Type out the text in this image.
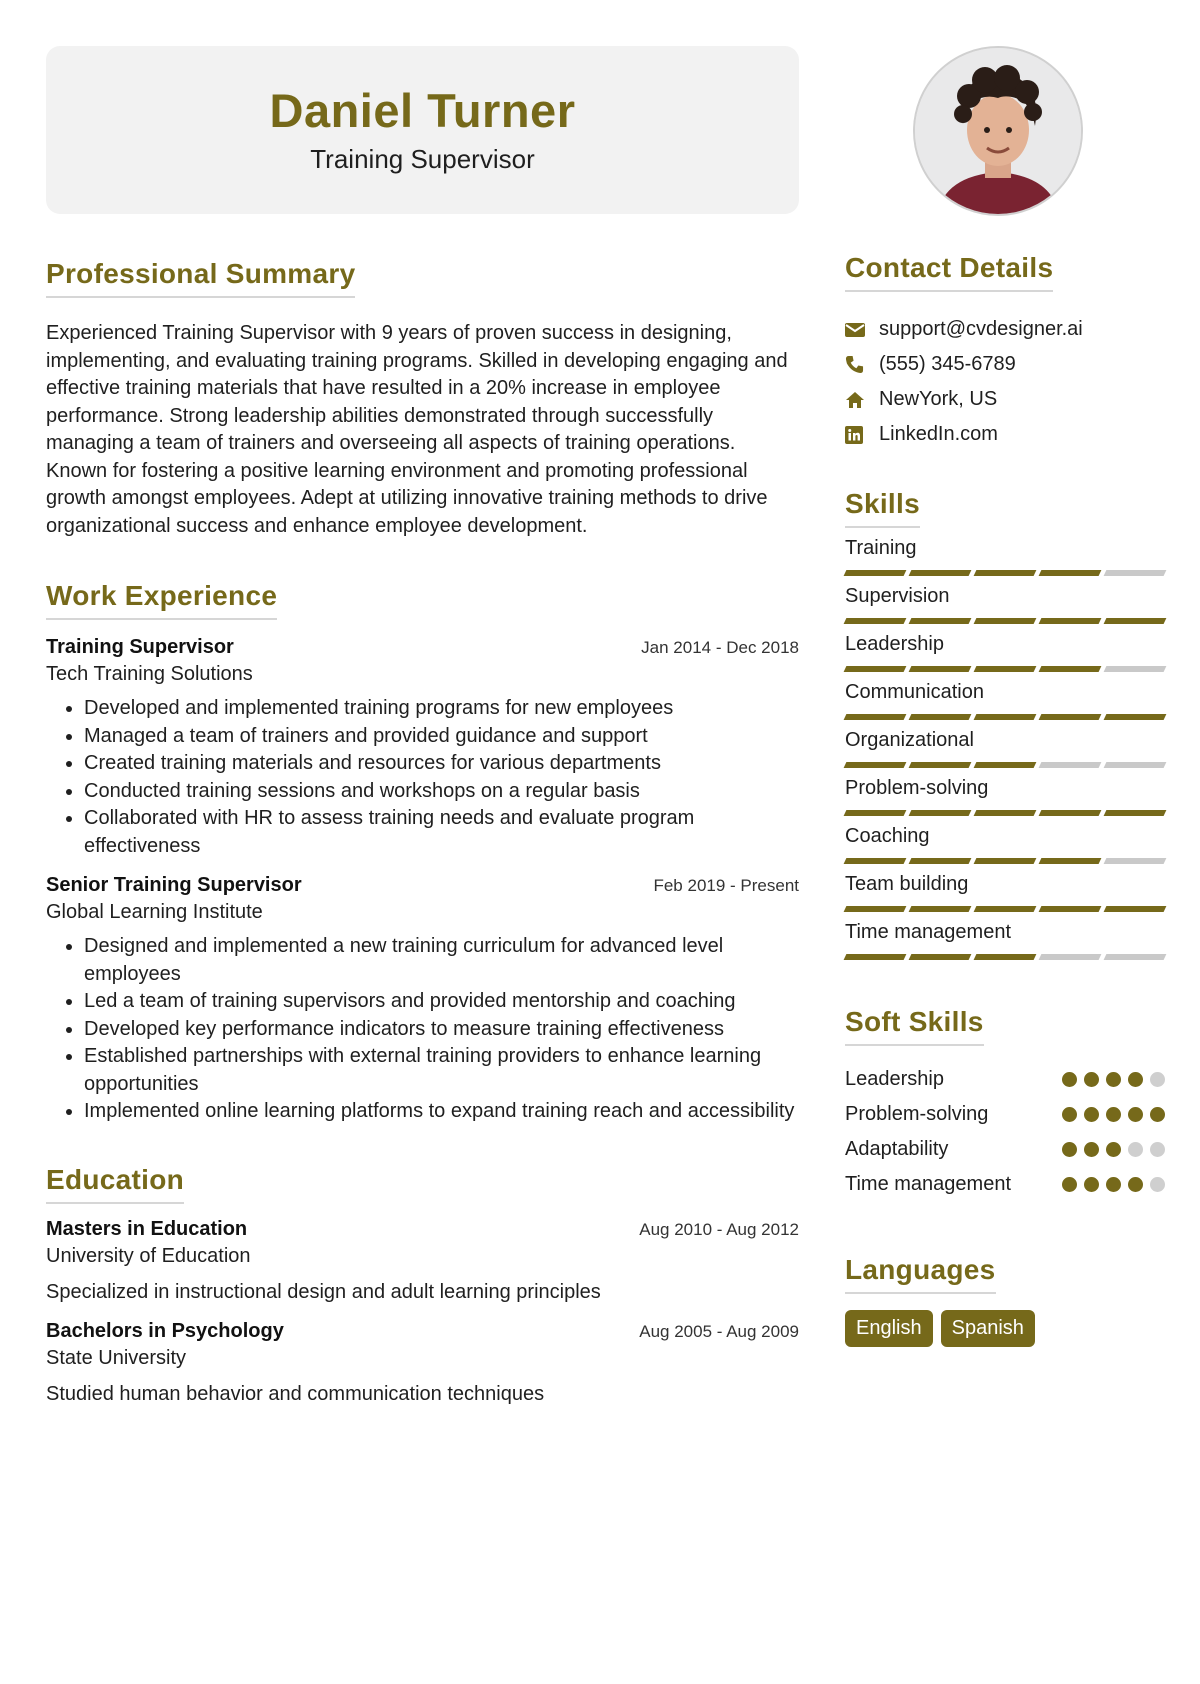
Daniel Turner
Training Supervisor
Professional Summary
Experienced Training Supervisor with 9 years of proven success in designing, implementing, and evaluating training programs. Skilled in developing engaging and effective training materials that have resulted in a 20% increase in employee performance. Strong leadership abilities demonstrated through successfully managing a team of trainers and overseeing all aspects of training operations. Known for fostering a positive learning environment and promoting professional growth amongst employees. Adept at utilizing innovative training methods to drive organizational success and enhance employee development.
Work Experience
Training Supervisor	Jan 2014 - Dec 2018
Tech Training Solutions
• Developed and implemented training programs for new employees
• Managed a team of trainers and provided guidance and support
• Created training materials and resources for various departments
• Conducted training sessions and workshops on a regular basis
• Collaborated with HR to assess training needs and evaluate program effectiveness
Senior Training Supervisor	Feb 2019 - Present
Global Learning Institute
• Designed and implemented a new training curriculum for advanced level employees
• Led a team of training supervisors and provided mentorship and coaching
• Developed key performance indicators to measure training effectiveness
• Established partnerships with external training providers to enhance learning opportunities
• Implemented online learning platforms to expand training reach and accessibility
Education
Masters in Education	Aug 2010 - Aug 2012
University of Education
Specialized in instructional design and adult learning principles
Bachelors in Psychology	Aug 2005 - Aug 2009
State University
Studied human behavior and communication techniques
Contact Details
support@cvdesigner.ai
(555) 345-6789
NewYork, US
LinkedIn.com
Skills
Training
Supervision
Leadership
Communication
Organizational
Problem-solving
Coaching
Team building
Time management
Soft Skills
Leadership
Problem-solving
Adaptability
Time management
Languages
English	Spanish
